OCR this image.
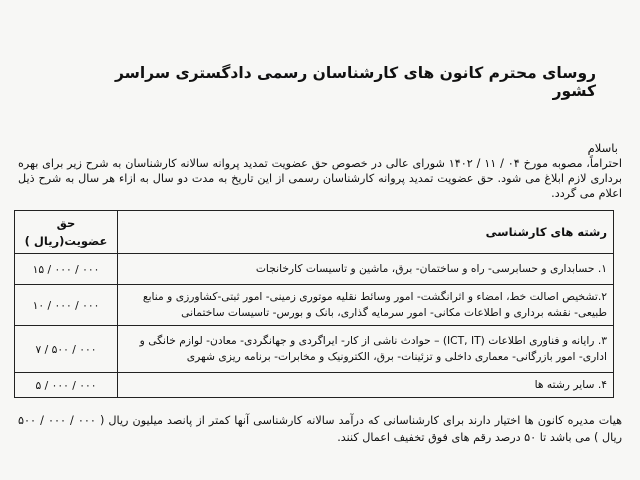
روسای محترم کانون های کارشناسان رسمی دادگستری سراسر کشور
باسلام
احتراماً، مصوبه مورخ ۰۴ / ۱۱ / ۱۴۰۲ شورای عالی در خصوص حق عضویت تمدید پروانه سالانه کارشناسان به شرح زیر برای بهره برداری لازم ابلاغ می شود. حق عضویت تمدید پروانه کارشناسان رسمی از این تاریخ به مدت دو سال به ازاء هر سال به شرح ذیل اعلام می گردد.
رشته های کارشناسی	حق عضویت(ریال )
۱. حسابداری و حسابرسی- راه و ساختمان- برق، ماشین و تاسیسات کارخانجات	۱۵ / ۰۰۰ / ۰۰۰
۲.تشخیص اصالت خط، امضاء و اثرانگشت- امور وسائط نقلیه موتوری زمینی- امور ثبتی-کشاورزی و منابع طبیعی- نقشه برداری و اطلاعات مکانی- امور سرمایه گذاری، بانک و بورس- تاسیسات ساختمانی	۱۰ / ۰۰۰ / ۰۰۰
۳. رایانه و فناوری اطلاعات (ICT, IT) – حوادث ناشی از کار- ایراگردی و جهانگردی- معادن- لوازم خانگی و اداری- امور بازرگانی- معماری داخلی و تزئینات- برق، الکترونیک و مخابرات- برنامه ریزی شهری	۷ / ۵۰۰ / ۰۰۰
۴. سایر رشته ها	۵ / ۰۰۰ / ۰۰۰
هیات مدیره کانون ها اختیار دارند برای کارشناسانی که درآمد سالانه کارشناسی آنها کمتر از پانصد میلیون ریال ( ۰۰۰ / ۰۰۰ / ۵۰۰ ریال ) می باشد تا ۵۰ درصد رقم های فوق تخفیف اعمال کنند.
